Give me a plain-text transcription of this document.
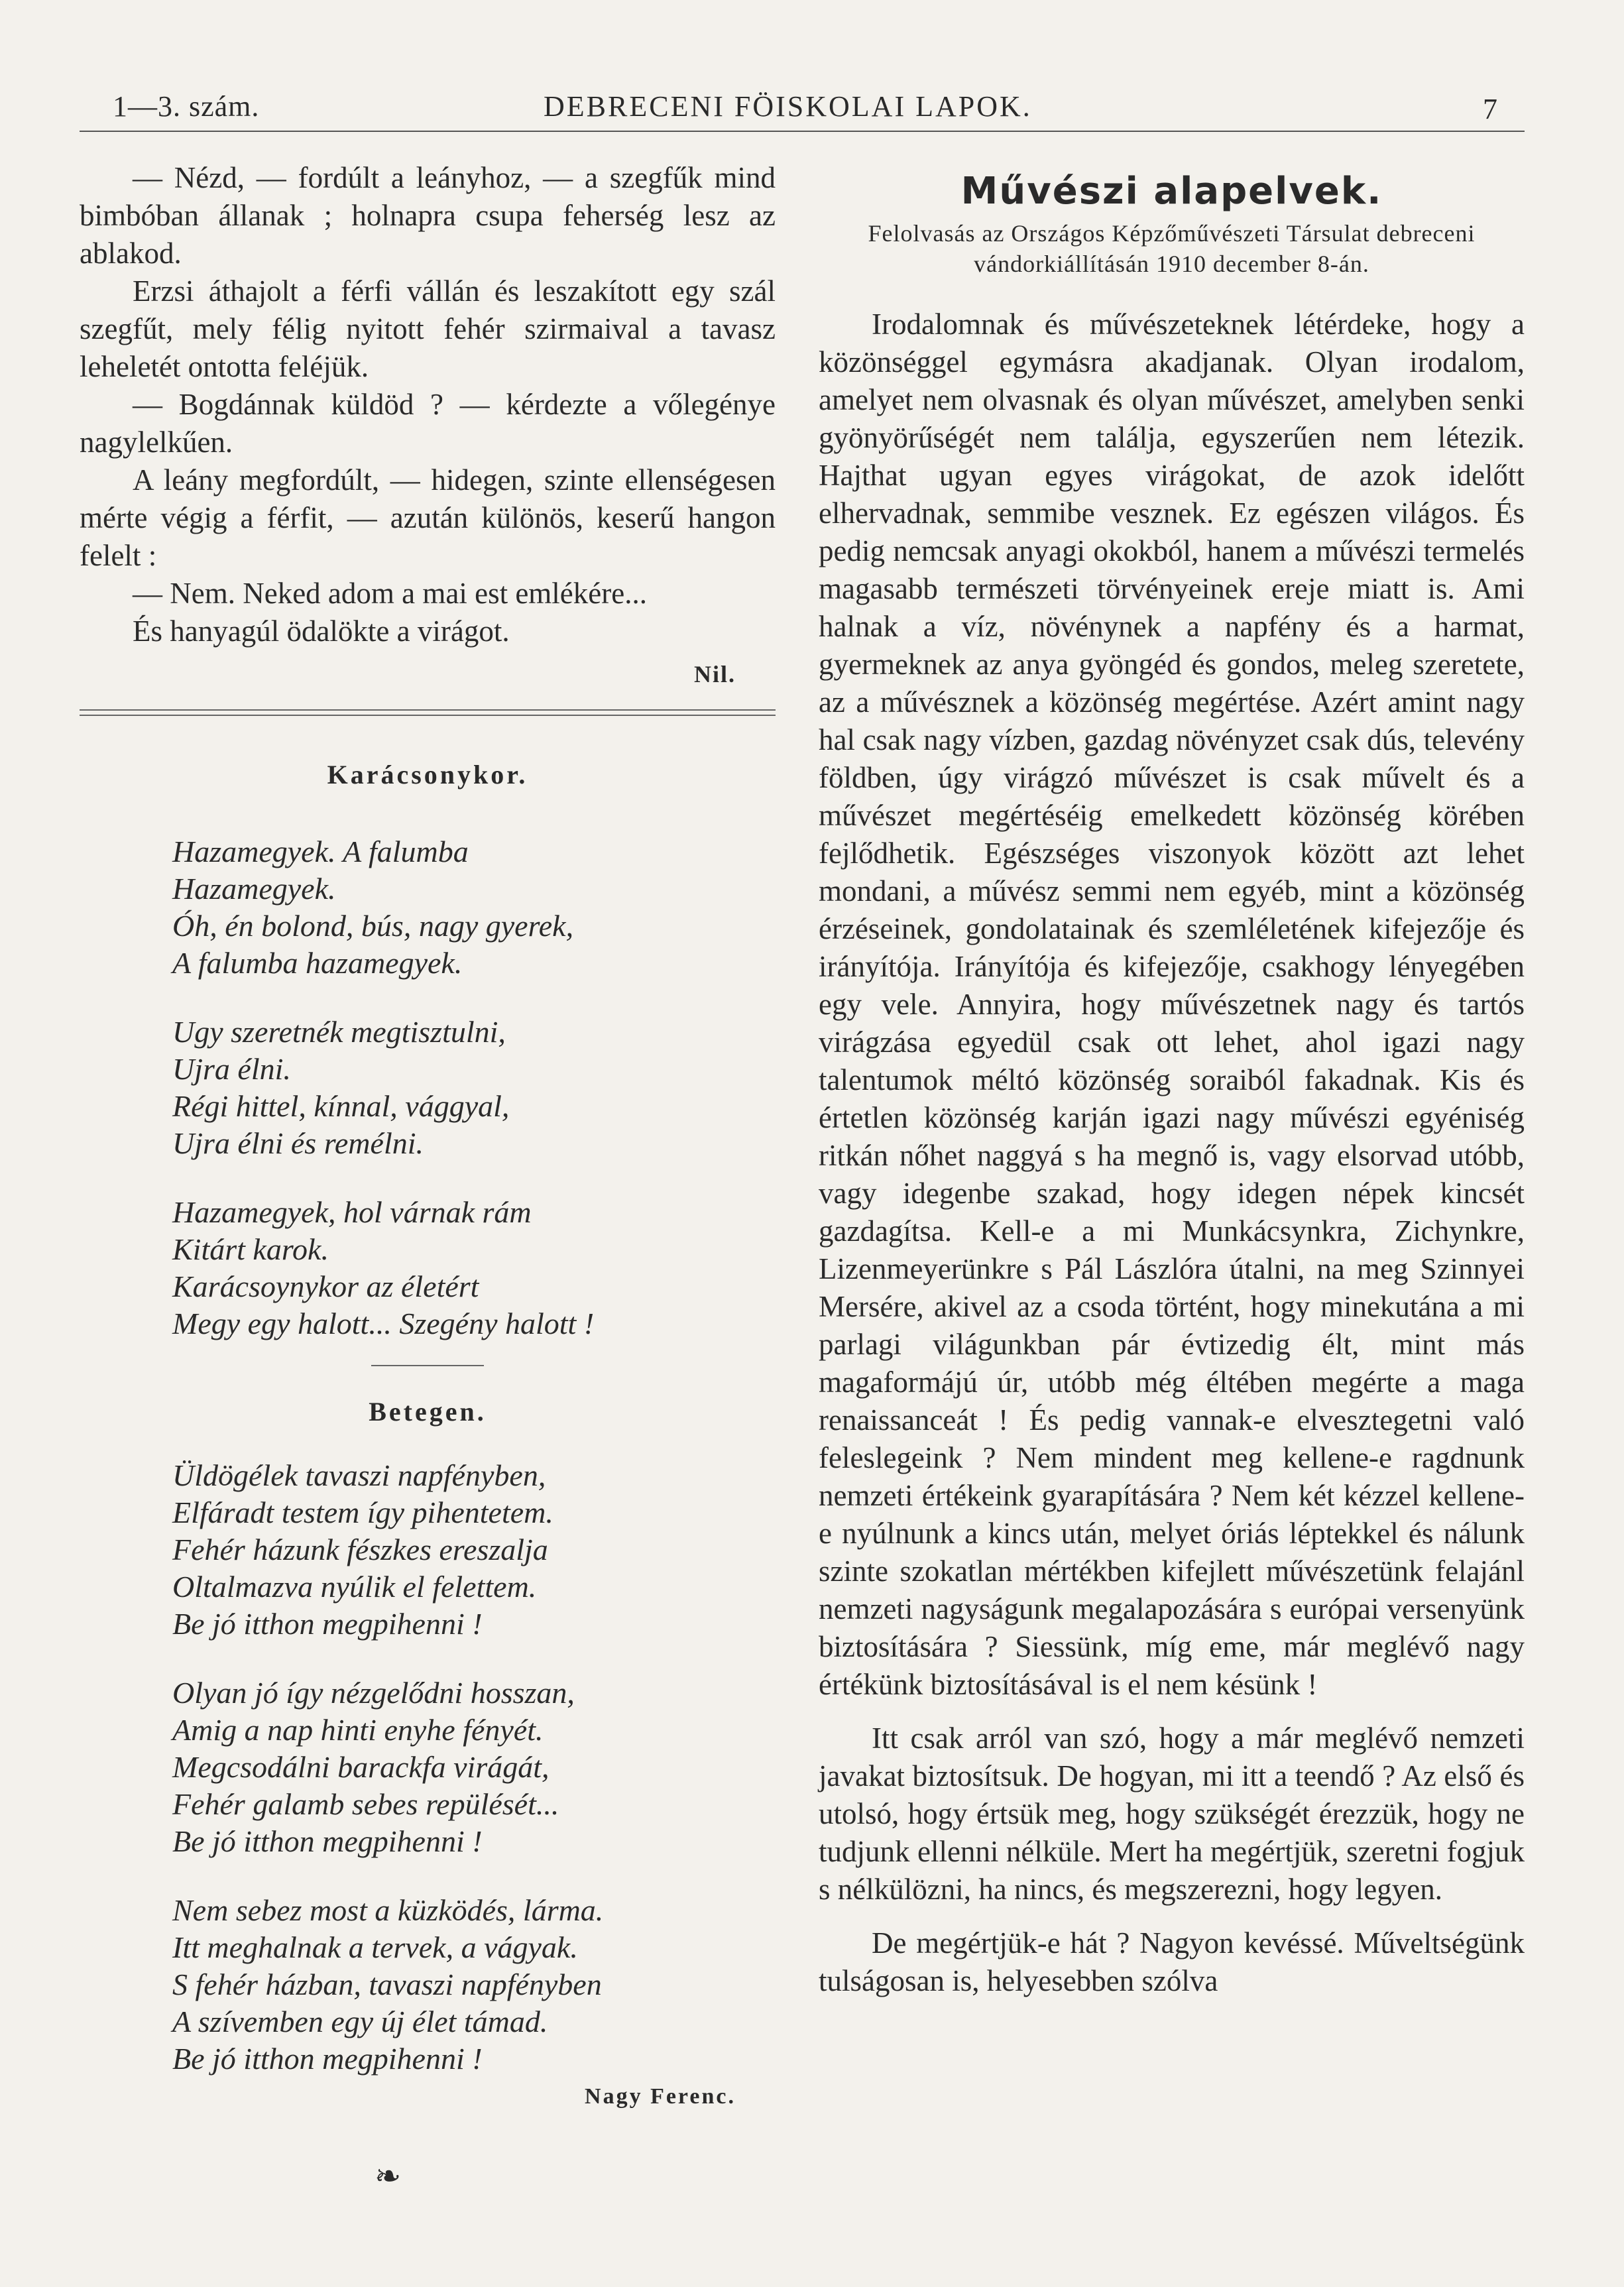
1—3. szám.	DEBRECENI FÖISKOLAI LAPOK.	7

— Nézd, — fordúlt a leányhoz, — a szegfűk mind bimbóban állanak ; holnapra csupa feherség lesz az ablakod.

Erzsi áthajolt a férfi vállán és leszakított egy szál szegfűt, mely félig nyitott fehér szirmaival a tavasz leheletét ontotta feléjük.

— Bogdánnak küldöd ? — kérdezte a vőlegénye nagylelkűen.

A leány megfordúlt, — hidegen, szinte ellenségesen mérte végig a férfit, — azután különös, keserű hangon felelt :

— Nem. Neked adom a mai est emlékére...

És hanyagúl ödalökte a virágot.

Nil.
Karácsonykor.
Hazamegyek. A falumba
Hazamegyek.
Óh, én bolond, bús, nagy gyerek,
A falumba hazamegyek.
Ugy szeretnék megtisztulni,
Ujra élni.
Régi hittel, kínnal, vággyal,
Ujra élni és remélni.
Hazamegyek, hol várnak rám
Kitárt karok.
Karácsoynykor az életért
Megy egy halott... Szegény halott !
Betegen.
Üldögélek tavaszi napfényben,
Elfáradt testem így pihentetem.
Fehér házunk fészkes ereszalja
Oltalmazva nyúlik el felettem.
Be jó itthon megpihenni !
Olyan jó így nézgelődni hosszan,
Amig a nap hinti enyhe fényét.
Megcsodálni barackfa virágát,
Fehér galamb sebes repülését...
Be jó itthon megpihenni !
Nem sebez most a küzködés, lárma.
Itt meghalnak a tervek, a vágyak.
S fehér házban, tavaszi napfényben
A szívemben egy új élet támad.
Be jó itthon megpihenni !
Nagy Ferenc.
❧
Művészi alapelvek.
Felolvasás az Országos Képzőművészeti Társulat debreceni vándorkiállításán 1910 december 8-án.

Irodalomnak és művészeteknek létérdeke, hogy a közönséggel egymásra akadjanak. Olyan irodalom, amelyet nem olvasnak és olyan művészet, amelyben senki gyönyörűségét nem találja, egyszerűen nem létezik. Hajthat ugyan egyes virágokat, de azok idelőtt elhervadnak, semmibe vesznek. Ez egészen világos. És pedig nemcsak anyagi okokból, hanem a művészi termelés magasabb természeti törvényeinek ereje miatt is. Ami halnak a víz, növénynek a napfény és a harmat, gyermeknek az anya gyöngéd és gondos, meleg szeretete, az a művésznek a közönség megértése. Azért amint nagy hal csak nagy vízben, gazdag növényzet csak dús, televény földben, úgy virágzó művészet is csak művelt és a művészet megértéséig emelkedett közönség körében fejlődhetik. Egészséges viszonyok között azt lehet mondani, a művész semmi nem egyéb, mint a közönség érzéseinek, gondolatainak és szemléletének kifejezője és irányítója. Irányítója és kifejezője, csakhogy lényegében egy vele. Annyira, hogy művészetnek nagy és tartós virágzása egyedül csak ott lehet, ahol igazi nagy talentumok méltó közönség soraiból fakadnak. Kis és értetlen közönség karján igazi nagy művészi egyéniség ritkán nőhet naggyá s ha megnő is, vagy elsorvad utóbb, vagy idegenbe szakad, hogy idegen népek kincsét gazdagítsa. Kell-e a mi Munkácsynkra, Zichynkre, Lizenmeyerünkre s Pál Lászlóra útalni, na meg Szinnyei Mersére, akivel az a csoda történt, hogy minekutána a mi parlagi világunkban pár évtizedig élt, mint más magaformájú úr, utóbb még éltében megérte a maga renaissanceát ! És pedig vannak-e elvesztegetni való feleslegeink ? Nem mindent meg kellene-e ragdnunk nemzeti értékeink gyarapítására ? Nem két kézzel kellene-e nyúlnunk a kincs után, melyet óriás léptekkel és nálunk szinte szokatlan mértékben kifejlett művészetünk felajánl nemzeti nagyságunk megalapozására s európai versenyünk biztosítására ? Siessünk, míg eme, már meglévő nagy értékünk biztosításával is el nem késünk !

Itt csak arról van szó, hogy a már meglévő nemzeti javakat biztosítsuk. De hogyan, mi itt a teendő ? Az első és utolsó, hogy értsük meg, hogy szükségét érezzük, hogy ne tudjunk ellenni nélküle. Mert ha megértjük, szeretni fogjuk s nélkülözni, ha nincs, és megszerezni, hogy legyen.

De megértjük-e hát ? Nagyon kevéssé. Műveltségünk tulságosan is, helyesebben szólva
